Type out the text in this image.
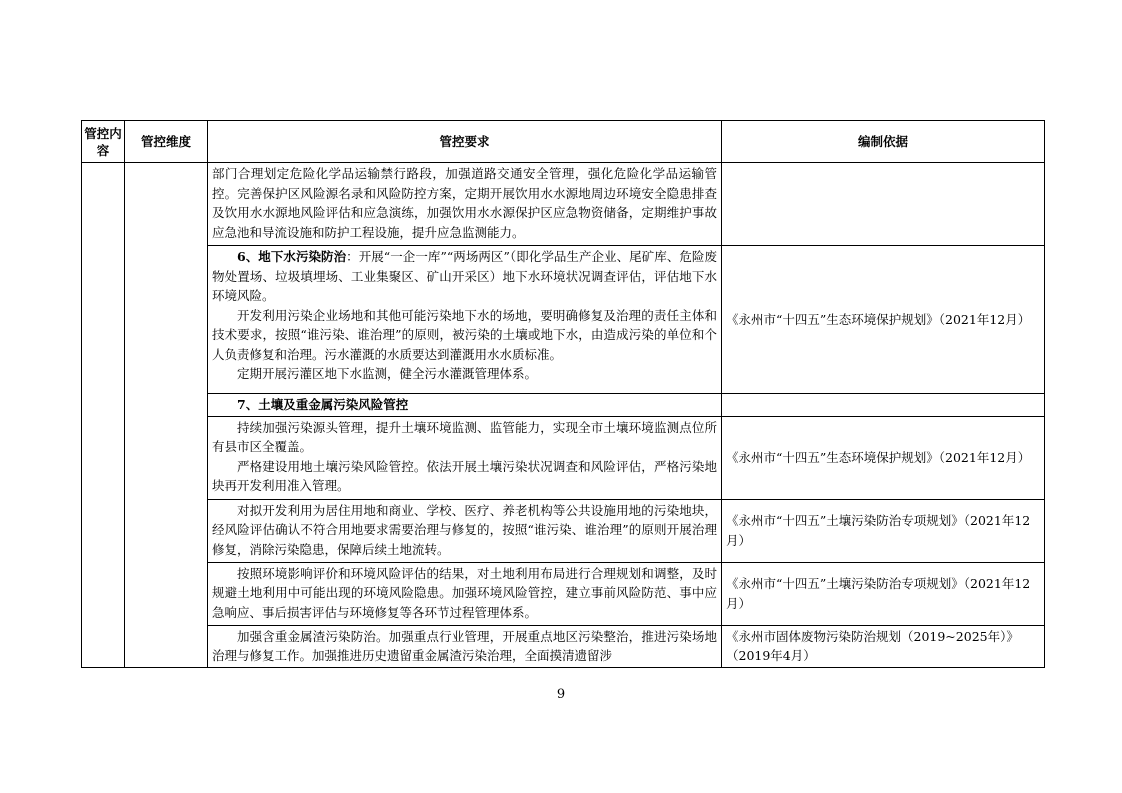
管控内容	管控维度	管控要求	编制依据

		部门合理划定危险化学品运输禁行路段，加强道路交通安全管理，强化危险化学品运输管控。完善保护区风险源名录和风险防控方案，定期开展饮用水水源地周边环境安全隐患排查及饮用水水源地风险评估和应急演练，加强饮用水水源保护区应急物资储备，定期维护事故应急池和导流设施和防护工程设施，提升应急监测能力。	

		6、地下水污染防治：开展“一企一库”“两场两区”（即化学品生产企业、尾矿库、危险废物处置场、垃圾填埋场、工业集聚区、矿山开采区）地下水环境状况调查评估，评估地下水环境风险。

开发利用污染企业场地和其他可能污染地下水的场地，要明确修复及治理的责任主体和技术要求，按照“谁污染、谁治理”的原则，被污染的土壤或地下水，由造成污染的单位和个人负责修复和治理。污水灌溉的水质要达到灌溉用水水质标准。

定期开展污灌区地下水监测，健全污水灌溉管理体系。	《永州市“十四五”生态环境保护规划》（2021年12月）

		7、土壤及重金属污染风险管控	

		持续加强污染源头管理，提升土壤环境监测、监管能力，实现全市土壤环境监测点位所有县市区全覆盖。

严格建设用地土壤污染风险管控。依法开展土壤污染状况调查和风险评估，严格污染地块再开发利用准入管理。	《永州市“十四五”生态环境保护规划》（2021年12月）

		对拟开发利用为居住用地和商业、学校、医疗、养老机构等公共设施用地的污染地块，经风险评估确认不符合用地要求需要治理与修复的，按照“谁污染、谁治理”的原则开展治理修复，消除污染隐患，保障后续土地流转。	《永州市“十四五”土壤污染防治专项规划》（2021年12月）

		按照环境影响评价和环境风险评估的结果，对土地利用布局进行合理规划和调整，及时规避土地利用中可能出现的环境风险隐患。加强环境风险管控，建立事前风险防范、事中应急响应、事后损害评估与环境修复等各环节过程管理体系。	《永州市“十四五”土壤污染防治专项规划》（2021年12月）

		加强含重金属渣污染防治。加强重点行业管理，开展重点地区污染整治，推进污染场地治理与修复工作。加强推进历史遗留重金属渣污染治理，全面摸清遗留涉	《永州市固体废物污染防治规划（2019~2025年）》（2019年4月）
9
